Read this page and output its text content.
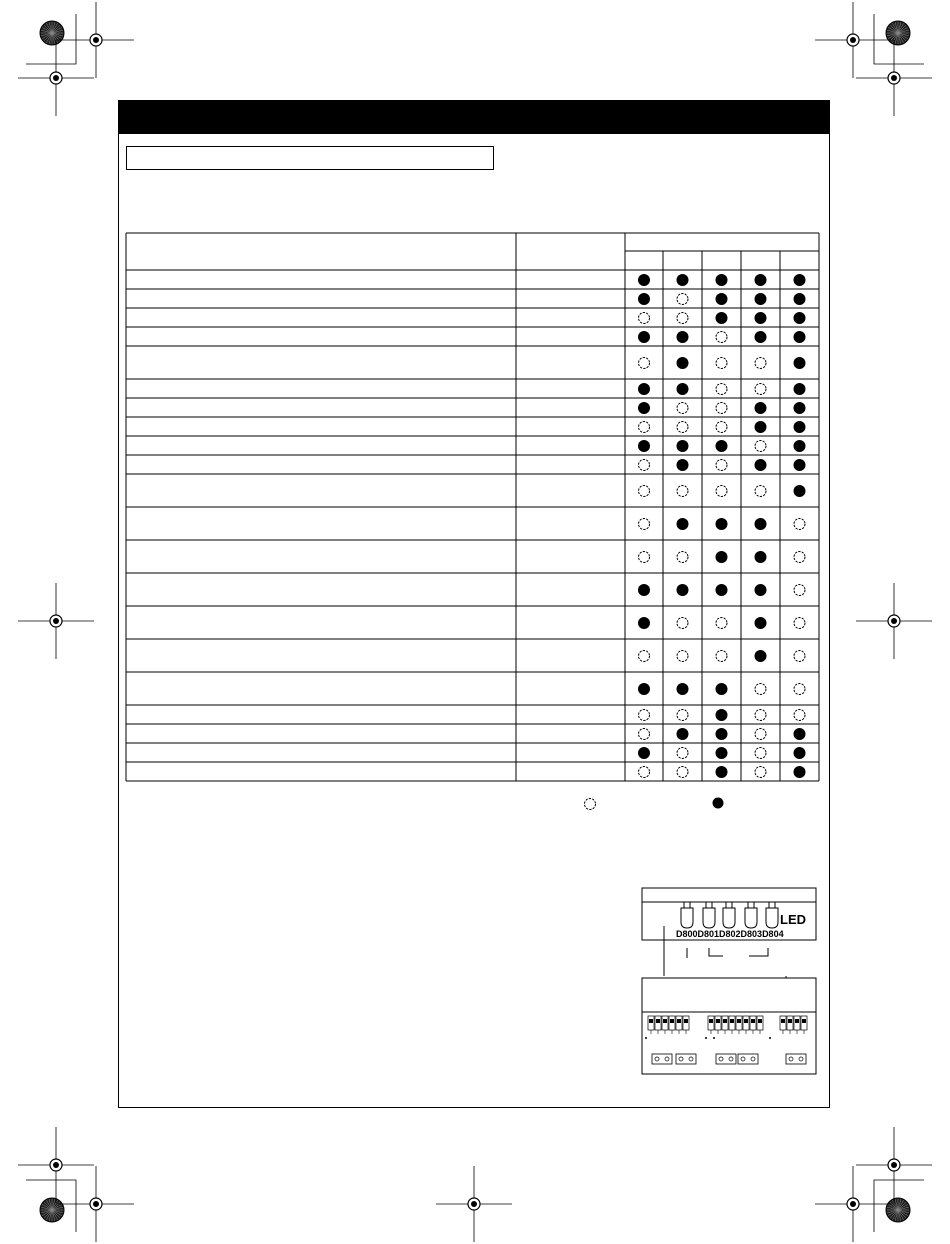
D800D801D802D803D804
LED
